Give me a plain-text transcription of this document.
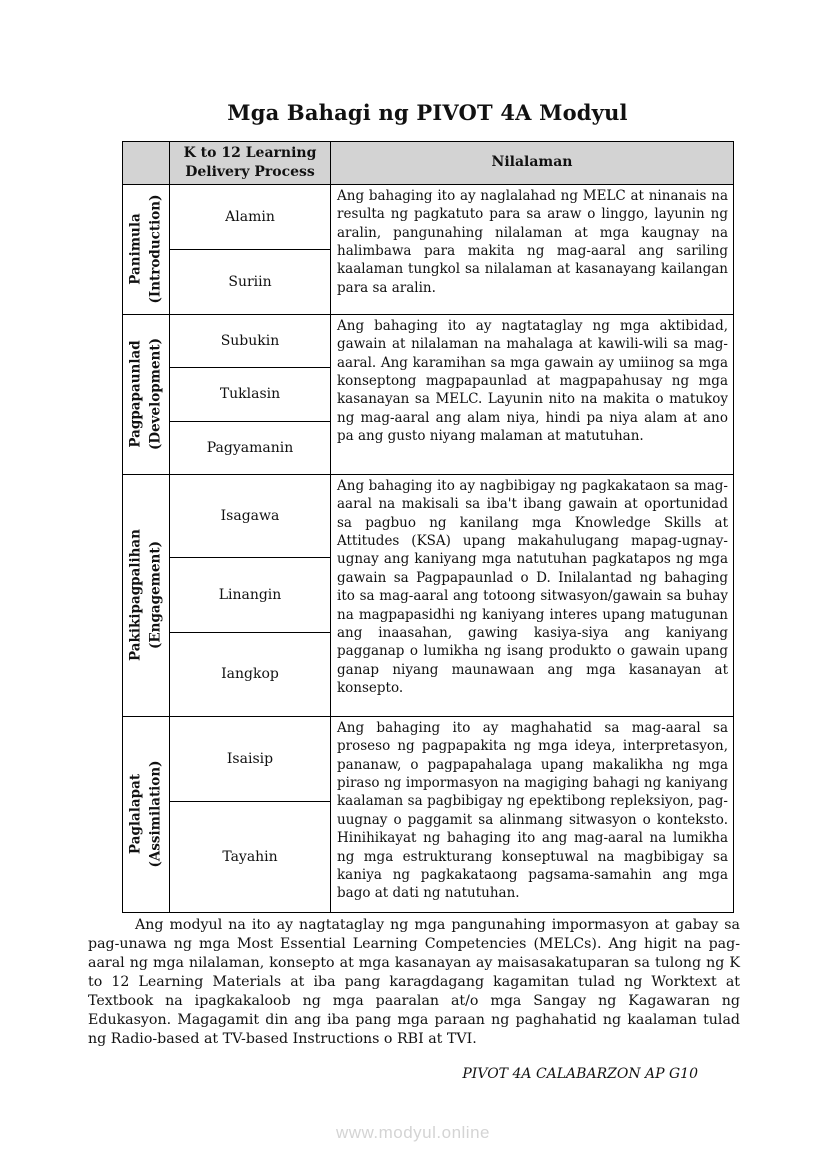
Mga Bahagi ng PIVOT 4A Modyul
	K to 12 Learning Delivery Process	Nilalaman

Panimula (Introduction)	Alamin	Ang bahaging ito ay naglalahad ng MELC at ninanais na resulta ng pagkatuto para sa araw o linggo, layunin ng aralin, pangunahing nilalaman at mga kaugnay na halimbawa para makita ng mag-aaral ang sariling kaalaman tungkol sa nilalaman at kasanayang kailangan para sa aralin.
	Suriin	

Pagpapaunlad (Development)	Subukin	Ang bahaging ito ay nagtataglay ng mga aktibidad, gawain at nilalaman na mahalaga at kawili-wili sa mag-aaral. Ang karamihan sa mga gawain ay umiinog sa mga konseptong magpapaunlad at magpapahusay ng mga kasanayan sa MELC. Layunin nito na makita o matukoy ng mag-aaral ang alam niya, hindi pa niya alam at ano pa ang gusto niyang malaman at matutuhan.
	Tuklasin	
	Pagyamanin	

Pakikipagpalihan (Engagement)	Isagawa	Ang bahaging ito ay nagbibigay ng pagkakataon sa mag-aaral na makisali sa iba't ibang gawain at oportunidad sa pagbuo ng kanilang mga Knowledge Skills at Attitudes (KSA) upang makahulugang mapag-ugnay-ugnay ang kaniyang mga natutuhan pagkatapos ng mga gawain sa Pagpapaunlad o D. Inilalantad ng bahaging ito sa mag-aaral ang totoong sitwasyon/gawain sa buhay na magpapasidhi ng kaniyang interes upang matugunan ang inaasahan, gawing kasiya-siya ang kaniyang pagganap o lumikha ng isang produkto o gawain upang ganap niyang maunawaan ang mga kasanayan at konsepto.
	Linangin	
	Iangkop	

Paglalapat (Assimilation)	Isaisip	Ang bahaging ito ay maghahatid sa mag-aaral sa proseso ng pagpapakita ng mga ideya, interpretasyon, pananaw, o pagpapahalaga upang makalikha ng mga piraso ng impormasyon na magiging bahagi ng kaniyang kaalaman sa pagbibigay ng epektibong repleksiyon, pag-uugnay o paggamit sa alinmang sitwasyon o konteksto. Hinihikayat ng bahaging ito ang mag-aaral na lumikha ng mga estrukturang konseptuwal na magbibigay sa kaniya ng pagkakataong pagsama-samahin ang mga bago at dati ng natutuhan.
	Tayahin	

Ang modyul na ito ay nagtataglay ng mga pangunahing impormasyon at gabay sa pag-unawa ng mga Most Essential Learning Competencies (MELCs). Ang higit na pag-aaral ng mga nilalaman, konsepto at mga kasanayan ay maisasakatuparan sa tulong ng K to 12 Learning Materials at iba pang karagdagang kagamitan tulad ng Worktext at Textbook na ipagkakaloob ng mga paaralan at/o mga Sangay ng Kagawaran ng Edukasyon. Magagamit din ang iba pang mga paraan ng paghahatid ng kaalaman tulad ng Radio-based at TV-based Instructions o RBI at TVI.

PIVOT 4A CALABARZON AP G10
www.modyul.online
